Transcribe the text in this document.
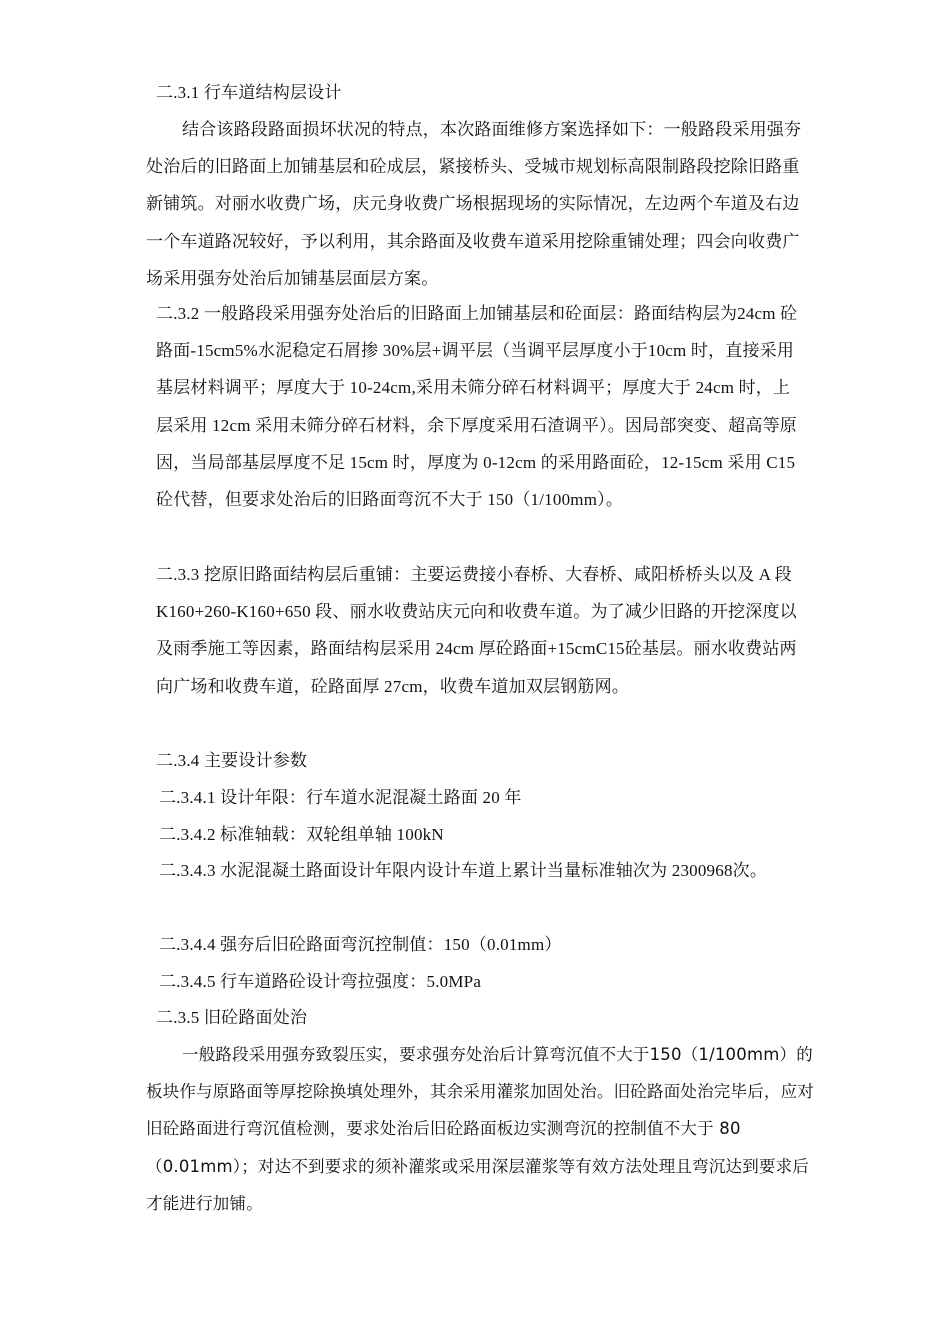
二.3.1 行车道结构层设计

结合该路段路面损坏状况的特点，本次路面维修方案选择如下：一般路段采用强夯处治后的旧路面上加铺基层和砼成层，紧接桥头、受城市规划标高限制路段挖除旧路重新铺筑。对丽水收费广场，庆元身收费广场根据现场的实际情况，左边两个车道及右边一个车道路况较好，予以利用，其余路面及收费车道采用挖除重铺处理；四会向收费广场采用强夯处治后加铺基层面层方案。

二.3.2 一般路段采用强夯处治后的旧路面上加铺基层和砼面层：路面结构层为24cm 砼路面-15cm5%水泥稳定石屑掺 30%层+调平层（当调平层厚度小于10cm 时，直接采用基层材料调平；厚度大于 10-24cm,采用未筛分碎石材料调平；厚度大于 24cm 时，上层采用 12cm 采用未筛分碎石材料，余下厚度采用石渣调平）。因局部突变、超高等原因，当局部基层厚度不足 15cm 时，厚度为 0-12cm 的采用路面砼，12-15cm 采用 C15 砼代替，但要求处治后的旧路面弯沉不大于 150（1/100mm）。

二.3.3 挖原旧路面结构层后重铺：主要运费接小春桥、大春桥、咸阳桥桥头以及 A 段 K160+260-K160+650 段、丽水收费站庆元向和收费车道。为了减少旧路的开挖深度以及雨季施工等因素，路面结构层采用 24cm 厚砼路面+15cmC15砼基层。丽水收费站两向广场和收费车道，砼路面厚 27cm，收费车道加双层钢筋网。

二.3.4 主要设计参数

二.3.4.1 设计年限：行车道水泥混凝土路面 20 年

二.3.4.2 标准轴载：双轮组单轴 100kN

二.3.4.3 水泥混凝土路面设计年限内设计车道上累计当量标准轴次为 2300968次。

二.3.4.4 强夯后旧砼路面弯沉控制值：150（0.01mm）

二.3.4.5 行车道路砼设计弯拉强度：5.0MPa

二.3.5 旧砼路面处治

一般路段采用强夯致裂压实，要求强夯处治后计算弯沉值不大于150（1/100mm）的板块作与原路面等厚挖除换填处理外，其余采用灌浆加固处治。旧砼路面处治完毕后，应对旧砼路面进行弯沉值检测，要求处治后旧砼路面板边实测弯沉的控制值不大于 80（0.01mm）；对达不到要求的须补灌浆或采用深层灌浆等有效方法处理且弯沉达到要求后才能进行加铺。
